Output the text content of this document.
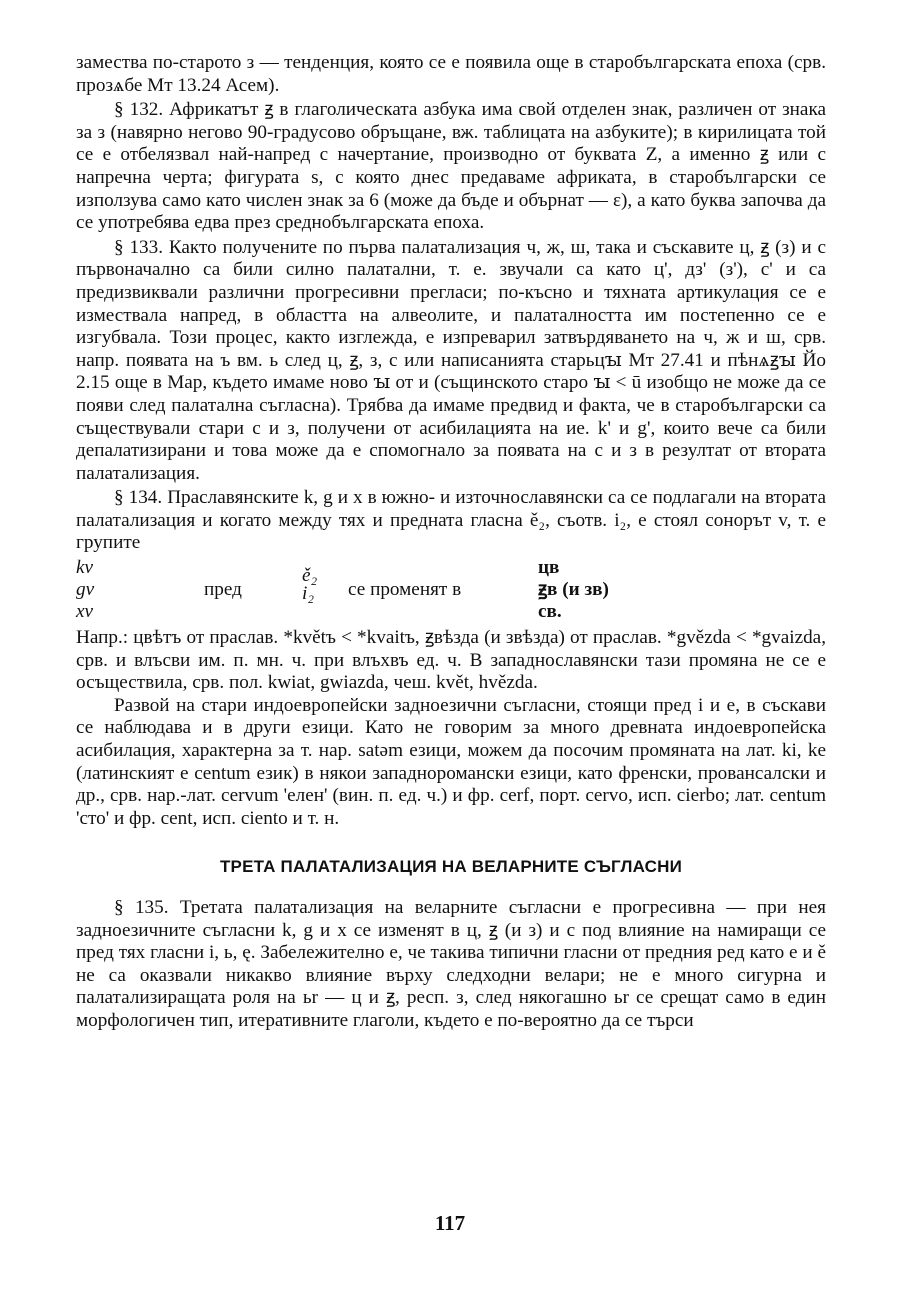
замества по-старото з — тенденция, която се е появила още в старобългарската епоха (срв. прозѧбе Мт 13.24 Асем).

§ 132. Африкатът ꙃ в глаголическата азбука има свой отделен знак, различен от знака за з (навярно негово 90-градусово обръщане, вж. таблицата на азбуките); в кирилицата той се е отбелязвал най-напред с начертание, производно от буквата Z, а именно ꙃ или с напречна черта; фигурата ѕ, с която днес предаваме африката, в старобългарски се използува само като числен знак за 6 (може да бъде и обърнат — ɛ), а като буква започва да се употребява едва през среднобългарската епоха.

§ 133. Както получените по първа палатализация ч, ж, ш, така и съскавите ц, ꙃ (з) и с първоначално са били силно палатални, т. е. звучали са като ц', дз' (з'), с' и са предизвиквали различни прогресивни прегласи; по-късно и тяхната артикулация се е измествала напред, в областта на алвеолите, и палаталността им постепенно се е изгубвала. Този процес, както изглежда, е изпреварил затвърдяването на ч, ж и ш, срв. напр. появата на ъ вм. ь след ц, ꙃ, з, с или написанията старьцꙑ Мт 27.41 и пѣнѧꙃꙑ Йо 2.15 още в Мар, където имаме ново ꙑ от и (същинското старо ꙑ < ū изобщо не може да се появи след палатална съгласна). Трябва да имаме предвид и факта, че в старобългарски са съществували стари с и з, получени от асибилацията на ие. k' и g', които вече са били депалатизирани и това може да е спомогнало за появата на с и з в резултат от втората палатализация.

§ 134. Праславянските k, g и x в южно- и източнославянски са се подлагали на втората палатализация и когато между тях и предната гласна ě₂, съотв. i₂, е стоял сонорът v, т. е групите

kv
gv
xv
пред
ě₂
i₂ се променят в
цв
ꙃв (и зв)
св.

Напр.: цвѣтъ от праслав. *květъ < *kvaitъ, ꙃвѣзда (и звѣзда) от праслав. *gvězda < *gvaizda, срв. и влъсви им. п. мн. ч. при влъхвъ ед. ч. В западнославянски тази промяна не се е осъществила, срв. пол. kwiat, gwiazda, чеш. květ, hvězda.

Развой на стари индоевропейски задноезични съгласни, стоящи пред i и e, в съскави се наблюдава и в други езици. Като не говорим за много древната индоевропейска асибилация, характерна за т. нар. satəm езици, можем да посочим промяната на лат. ki, ke (латинският е centum език) в някои западноромански езици, като френски, провансалски и др., срв. нар.-лат. cervum 'елен' (вин. п. ед. ч.) и фр. cerf, порт. cervo, исп. cierbo; лат. centum 'сто' и фр. cent, исп. ciento и т. н.

ТРЕТА ПАЛАТАЛИЗАЦИЯ НА ВЕЛАРНИТЕ СЪГЛАСНИ

§ 135. Третата палатализация на веларните съгласни е прогресивна — при нея задноезичните съгласни k, g и x се изменят в ц, ꙃ (и з) и с под влияние на намиращи се пред тях гласни i, ь, ę. Забележително е, че такива типични гласни от предния ред като e и ě не са оказвали никакво влияние върху следходни велари; не е много сигурна и палатализиращата роля на ьr — ц и ꙃ, респ. з, след някогашно ьr се срещат само в един морфологичен тип, итеративните глаголи, където е по-вероятно да се търси

117
